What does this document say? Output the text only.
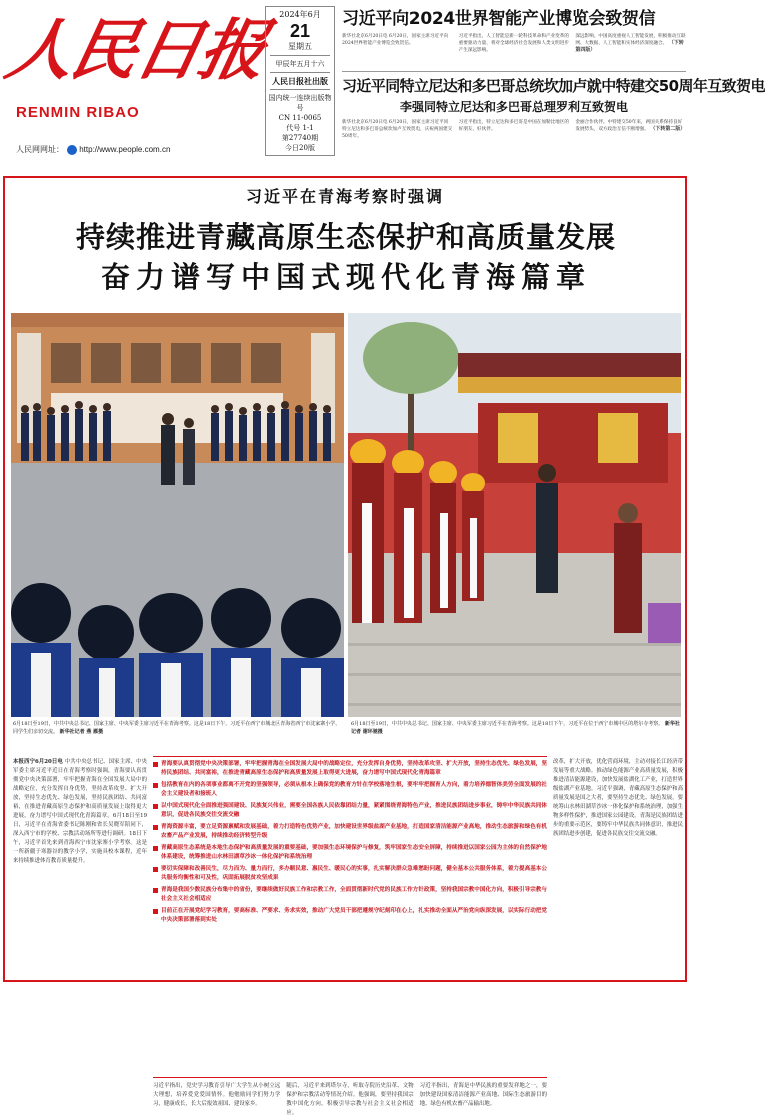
人民日报
RENMIN RIBAO
人民网网址： http://www.people.com.cn
2024年6月
21
星期五
甲辰年五月十六
人民日报社出版
国内统一连续出版物号
CN 11-0065
代号 1-1
第27740期
今日20版
习近平向2024世界智能产业博览会致贺信
新华社北京6月20日电 6月20日，国家主席习近平向2024世界智能产业博览会致贺信。
习近平指出，人工智能是新一轮科技革命和产业变革的重要驱动力量，将对全球经济社会发展和人类文明进步产生深远影响。
深远影响。中国高度重视人工智能发展，积极推动互联网、大数据、人工智能和实体经济深度融合。 （下转第四版）
习近平同特立尼达和多巴哥总统坎加卢就中特建交50周年互致贺电
李强同特立尼达和多巴哥总理罗利互致贺电
新华社北京6月20日电 6月20日，国家主席习近平同特立尼达和多巴哥总统坎加卢互致贺电，庆祝两国建交50周年。
习近平指出，特立尼达和多巴哥是中国在加勒比地区的好朋友、好伙伴。
金丽合作伙伴。中特建交50年来，两国关系保持良好发展势头，双方政治互信不断增强。 （下转第二版）
习近平在青海考察时强调
持续推进青藏高原生态保护和高质量发展
奋力谱写中国式现代化青海篇章
6月18日至19日，中共中央总书记、国家主席、中央军委主席习近平在青海考察。这是18日下午，习近平在西宁市城北区青海省西宁市沈家寨小学，同学生们亲切交流。 新华社记者 燕 雁摄
6月18日至19日，中共中央总书记、国家主席、中央军委主席习近平在青海考察。这是18日下午，习近平在位于西宁市城中区的塔尔寺考察。 新华社记者 谢环驰摄
本报西宁6月20日电 中共中央总书记、国家主席、中央军委主席习近平近日在青海考察时强调，青海要认真贯彻党中央决策部署，牢牢把握青海在全国发展大局中的战略定位，充分发挥自身优势，坚持改革攻坚、扩大开放，坚持生态优先、绿色发展，坚持民族团结、共同富裕，在推进青藏高原生态保护和高质量发展上取得更大进展，奋力谱写中国式现代化青海篇章。6月18日至19日，习近平在青海省委书记陈刚和省长吴晓军陪同下，深入西宁市的学校、宗教活动场所等进行调研。18日下午，习近平首先来到青海西宁市沈家寨小学考察。这是一所新疆于寒器谷的教学小学，实施具校本课程，近年来持续推进体育教育质量提升。
青海要认真贯彻党中央决策部署，牢牢把握青海在全国发展大局中的战略定位，充分发挥自身优势，坚持改革攻坚、扩大开放，坚持生态优先、绿色发展，坚持民族团结、共同富裕，在推进青藏高原生态保护和高质量发展上取得更大进展，奋力谱写中国式现代化青海篇章
包括教育在内的各项事业都离不开党的坚强领导，必须从根本上确保党的教育方针在学校落地生根，要牢牢把握育人方向，着力培养德智体美劳全面发展的社会主义建设者和接班人
以中国式现代化全面推进强国建设、民族复兴伟业，需要全国各族人民依靠团结力量，紧紧围绕青海特色产业，推进民族团结进步事业，铸牢中华民族共同体意识，促进各民族交往交流交融
青海资源丰富，要立足资源禀赋和发展基础，着力打造特色优势产业，加快建设世界级盐湖产业基地，打造国家清洁能源产业高地，推动生态旅游和绿色有机农畜产品产业发展，持续推动经济转型升级
青藏高原生态系统是本地生态保护和高质量发展的重要基础，要加强生态环境保护与修复，筑牢国家生态安全屏障，持续推进以国家公园为主体的自然保护地体系建设，统筹推进山水林田湖草沙冰一体化保护和系统治理
要切实保障和改善民生，尽力而为、量力而行，多办顺民意、惠民生、暖民心的实事，扎实解决群众急难愁盼问题，健全基本公共服务体系，着力提高基本公共服务均衡性和可及性，巩固拓展脱贫攻坚成果
青海是我国少数民族分布集中的省份，要继续做好民族工作和宗教工作，全面贯彻新时代党的民族工作方针政策，坚持我国宗教中国化方向，积极引导宗教与社会主义社会相适应
目前正在开展党纪学习教育，要高标准、严要求、务求实效，推动广大党员干部把遵规守纪刻印在心上，扎实推动全面从严治党向纵深发展，以实际行动把党中央决策部署落到实处
改革，扩大开放，优化营商环境，主动对接长江经济带发展等重大战略。推动绿色能源产业高质量发展，积极推进清洁能源建设，加快发展盐湖化工产业，打造世界级盐湖产业基地。习近平强调，青藏高原生态保护和高质量发展是国之大者，要坚持生态优先、绿色发展。要统筹山水林田湖草沙冰一体化保护和系统治理，加强生物多样性保护，推进国家公园建设。青海是民族团结进步的重要示范区，要铸牢中华民族共同体意识，推进民族团结进步创建，促进各民族交往交流交融。
习近平指出，党史学习教育引导广大学生从小树立远大理想，培养爱党爱国情怀。他勉励同学们努力学习，健康成长，长大后报效祖国、建设家乡。
随后，习近平来到塔尔寺，听取寺院历史沿革、文物保护和宗教活动等情况介绍。他强调，要坚持我国宗教中国化方向，积极引导宗教与社会主义社会相适应。
习近平指出，青海是中华民族的重要发祥地之一，要加快建设国家清洁能源产业高地、国际生态旅游目的地、绿色有机农畜产品输出地。
